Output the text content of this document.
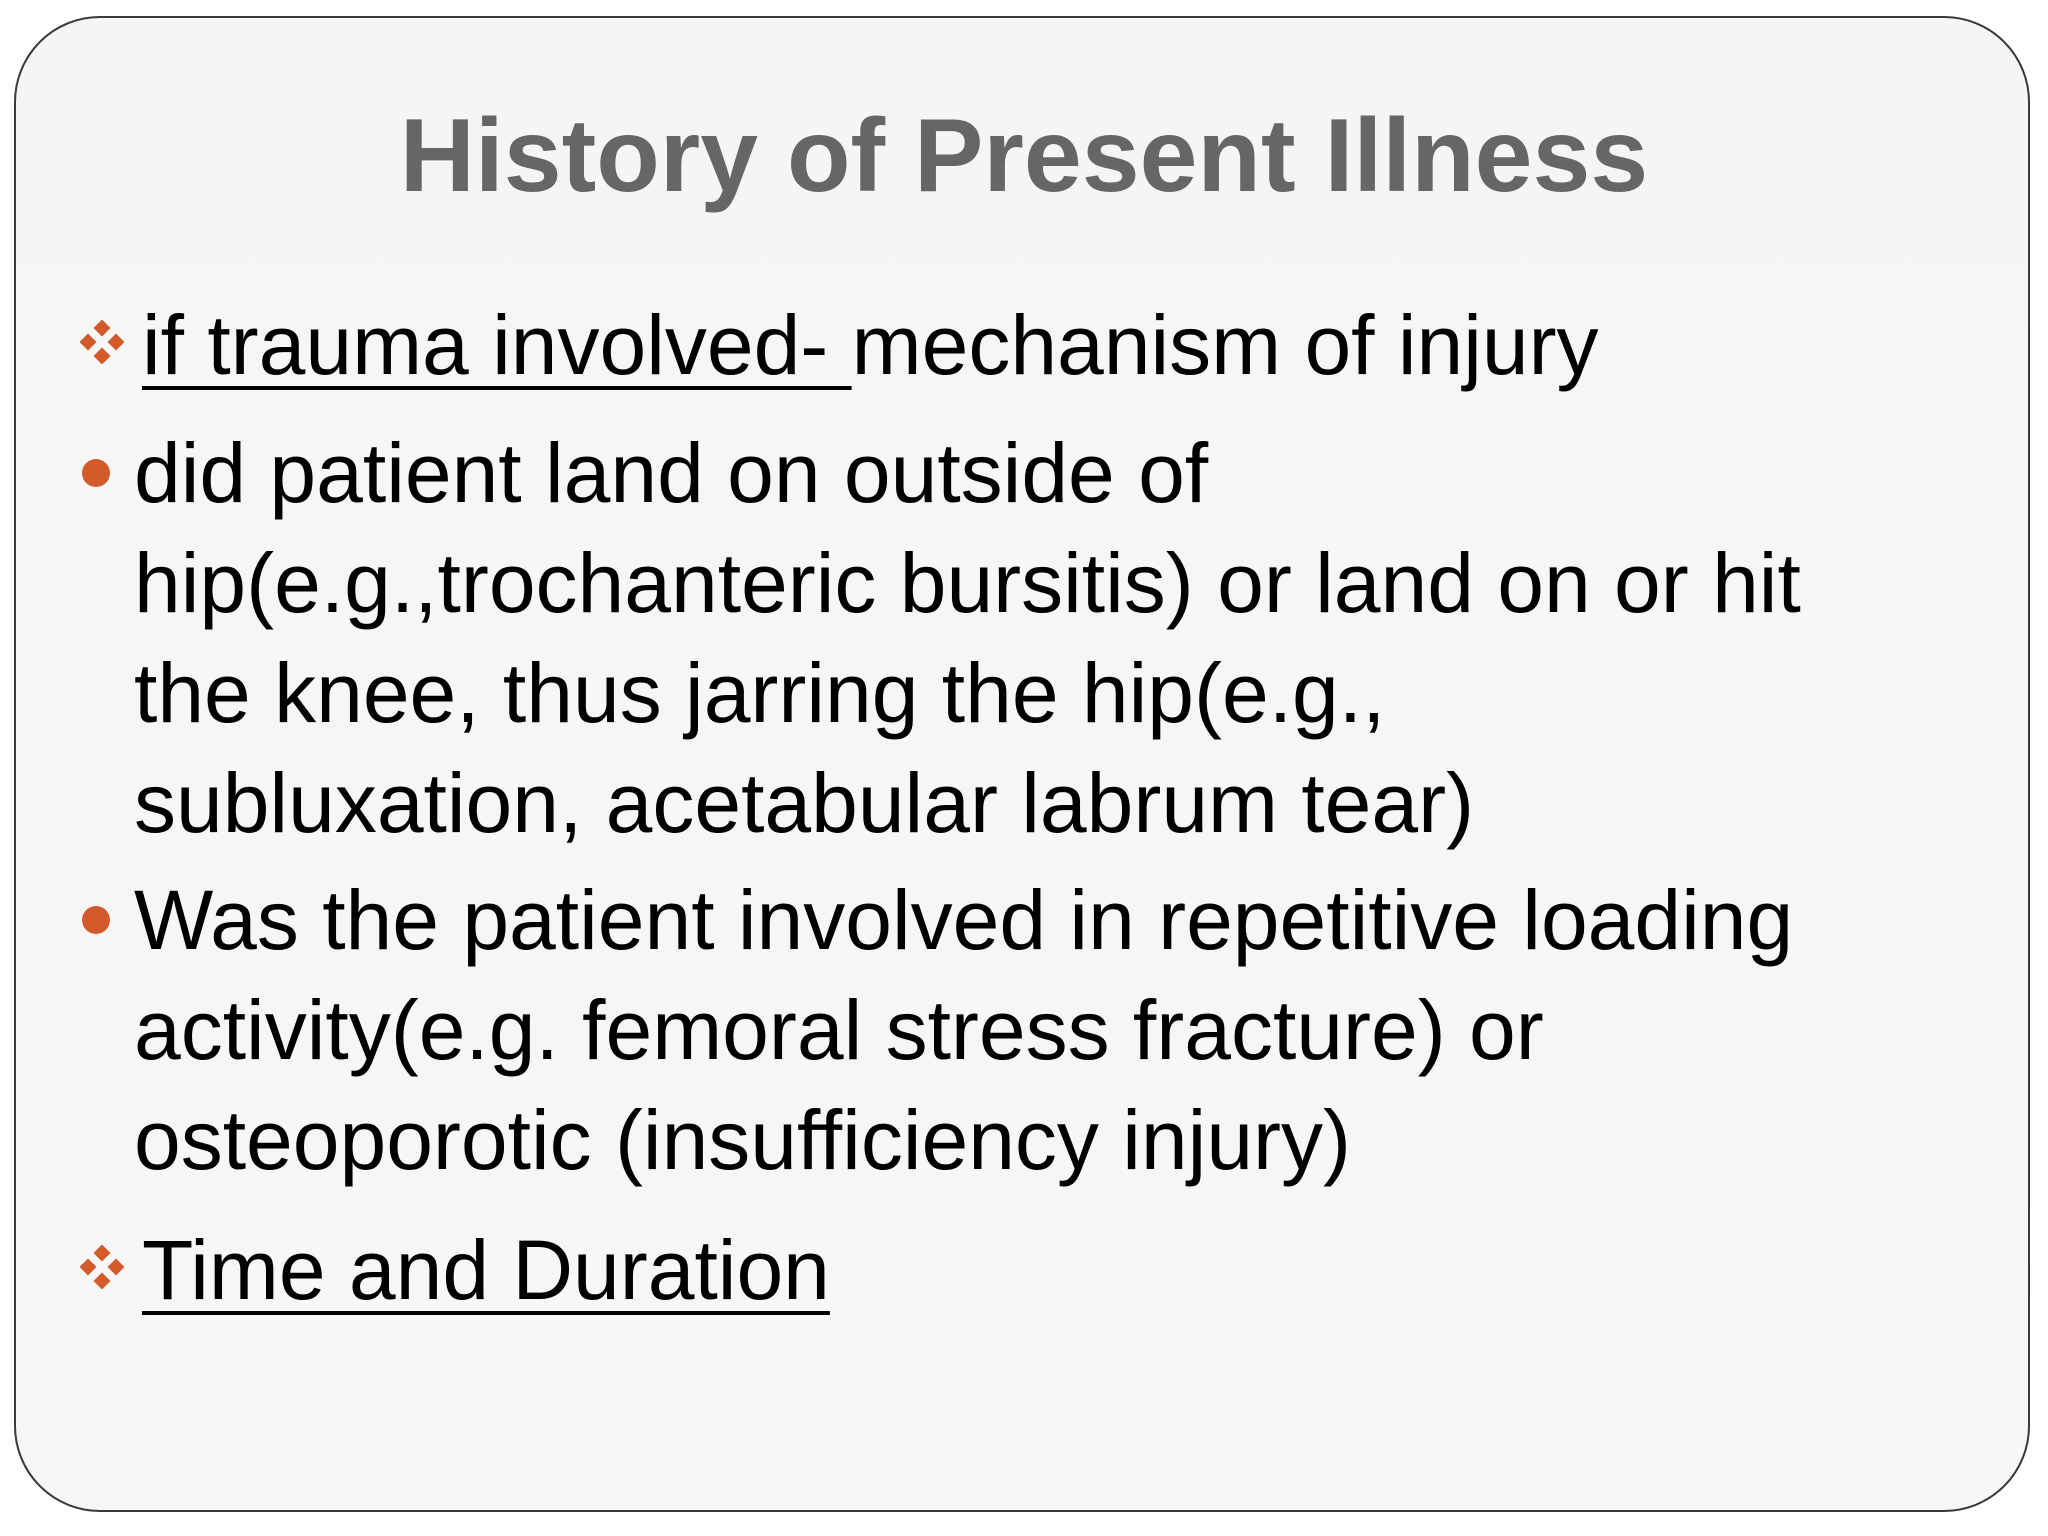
History of Present Illness
if trauma involved- mechanism of injury
did patient land on outside of
hip(e.g.,trochanteric bursitis) or land on or hit
the knee, thus jarring the hip(e.g.,
subluxation, acetabular labrum tear)
Was the patient involved in repetitive loading
activity(e.g. femoral stress fracture) or
osteoporotic (insufficiency injury)
Time and Duration
